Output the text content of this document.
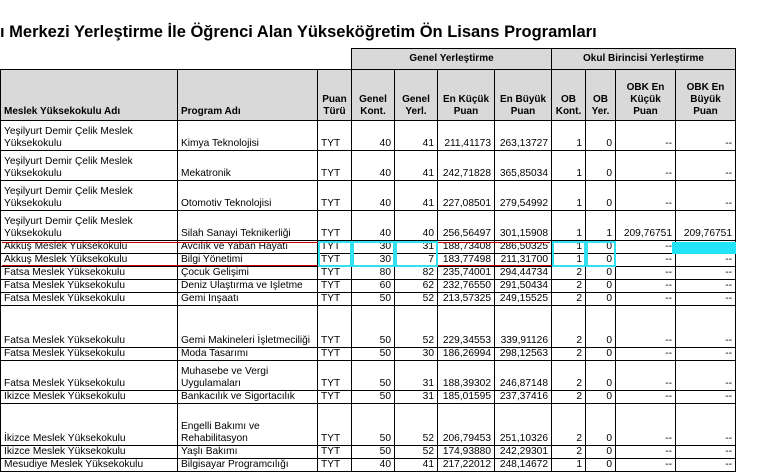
ı Merkezi Yerleştirme İle Öğrenci Alan Yükseköğretim Ön Lisans Programları
			Genel Yerleştirme				Okul Birincisi Yerleştirme			
Meslek Yüksekokulu Adı	Program Adı	Puan Türü	Genel Kont.	Genel Yerl.	En Küçük Puan	En Büyük Puan	OB Kont.	OB Yer.	OBK En Küçük Puan	OBK En Büyük Puan
Yeşilyurt Demir Çelik Meslek Yüksekokulu	Kimya Teknolojisi	TYT	40	41	211,41173	263,13727	1	0	--	--
Yeşilyurt Demir Çelik Meslek Yüksekokulu	Mekatronik	TYT	40	41	242,71828	365,85034	1	0	--	--
Yeşilyurt Demir Çelik Meslek Yüksekokulu	Otomotiv Teknolojisi	TYT	40	41	227,08501	279,54992	1	0	--	--
Yeşilyurt Demir Çelik Meslek Yüksekokulu	Silah Sanayi Teknikerliği	TYT	40	40	256,56497	301,15908	1	1	209,76751	209,76751
Akkuş Meslek Yüksekokulu	Avcılık ve Yaban Hayatı	TYT	30	31	188,73408	286,50325	1	0	--	
Akkuş Meslek Yüksekokulu	Bilgi Yönetimi	TYT	30	7	183,77498	211,31700	1	0	--	--
Fatsa Meslek Yüksekokulu	Çocuk Gelişimi	TYT	80	82	235,74001	294,44734	2	0	--	--
Fatsa Meslek Yüksekokulu	Deniz Ulaştırma ve İşletme	TYT	60	62	232,76550	291,50434	2	0	--	--
Fatsa Meslek Yüksekokulu	Gemi İnşaatı	TYT	50	52	213,57325	249,15525	2	0	--	--
Fatsa Meslek Yüksekokulu	Gemi Makineleri İşletmeciliği	TYT	50	52	229,34553	339,91126	2	0	--	--
Fatsa Meslek Yüksekokulu	Moda Tasarımı	TYT	50	30	186,26994	298,12563	2	0	--	--
Fatsa Meslek Yüksekokulu	Muhasebe ve Vergi Uygulamaları	TYT	50	31	188,39302	246,87148	2	0	--	--
İkizce Meslek Yüksekokulu	Bankacılık ve Sigortacılık	TYT	50	31	185,01595	237,37416	2	0	--	--
İkizce Meslek Yüksekokulu	Engelli Bakımı ve Rehabilitasyon	TYT	50	52	206,79453	251,10326	2	0	--	--
İkizce Meslek Yüksekokulu	Yaşlı Bakımı	TYT	50	52	174,93880	242,29301	2	0	--	--
Mesudiye Meslek Yüksekokulu	Bilgisayar Programcılığı	TYT	40	41	217,22012	248,14672	1	0	--	--
